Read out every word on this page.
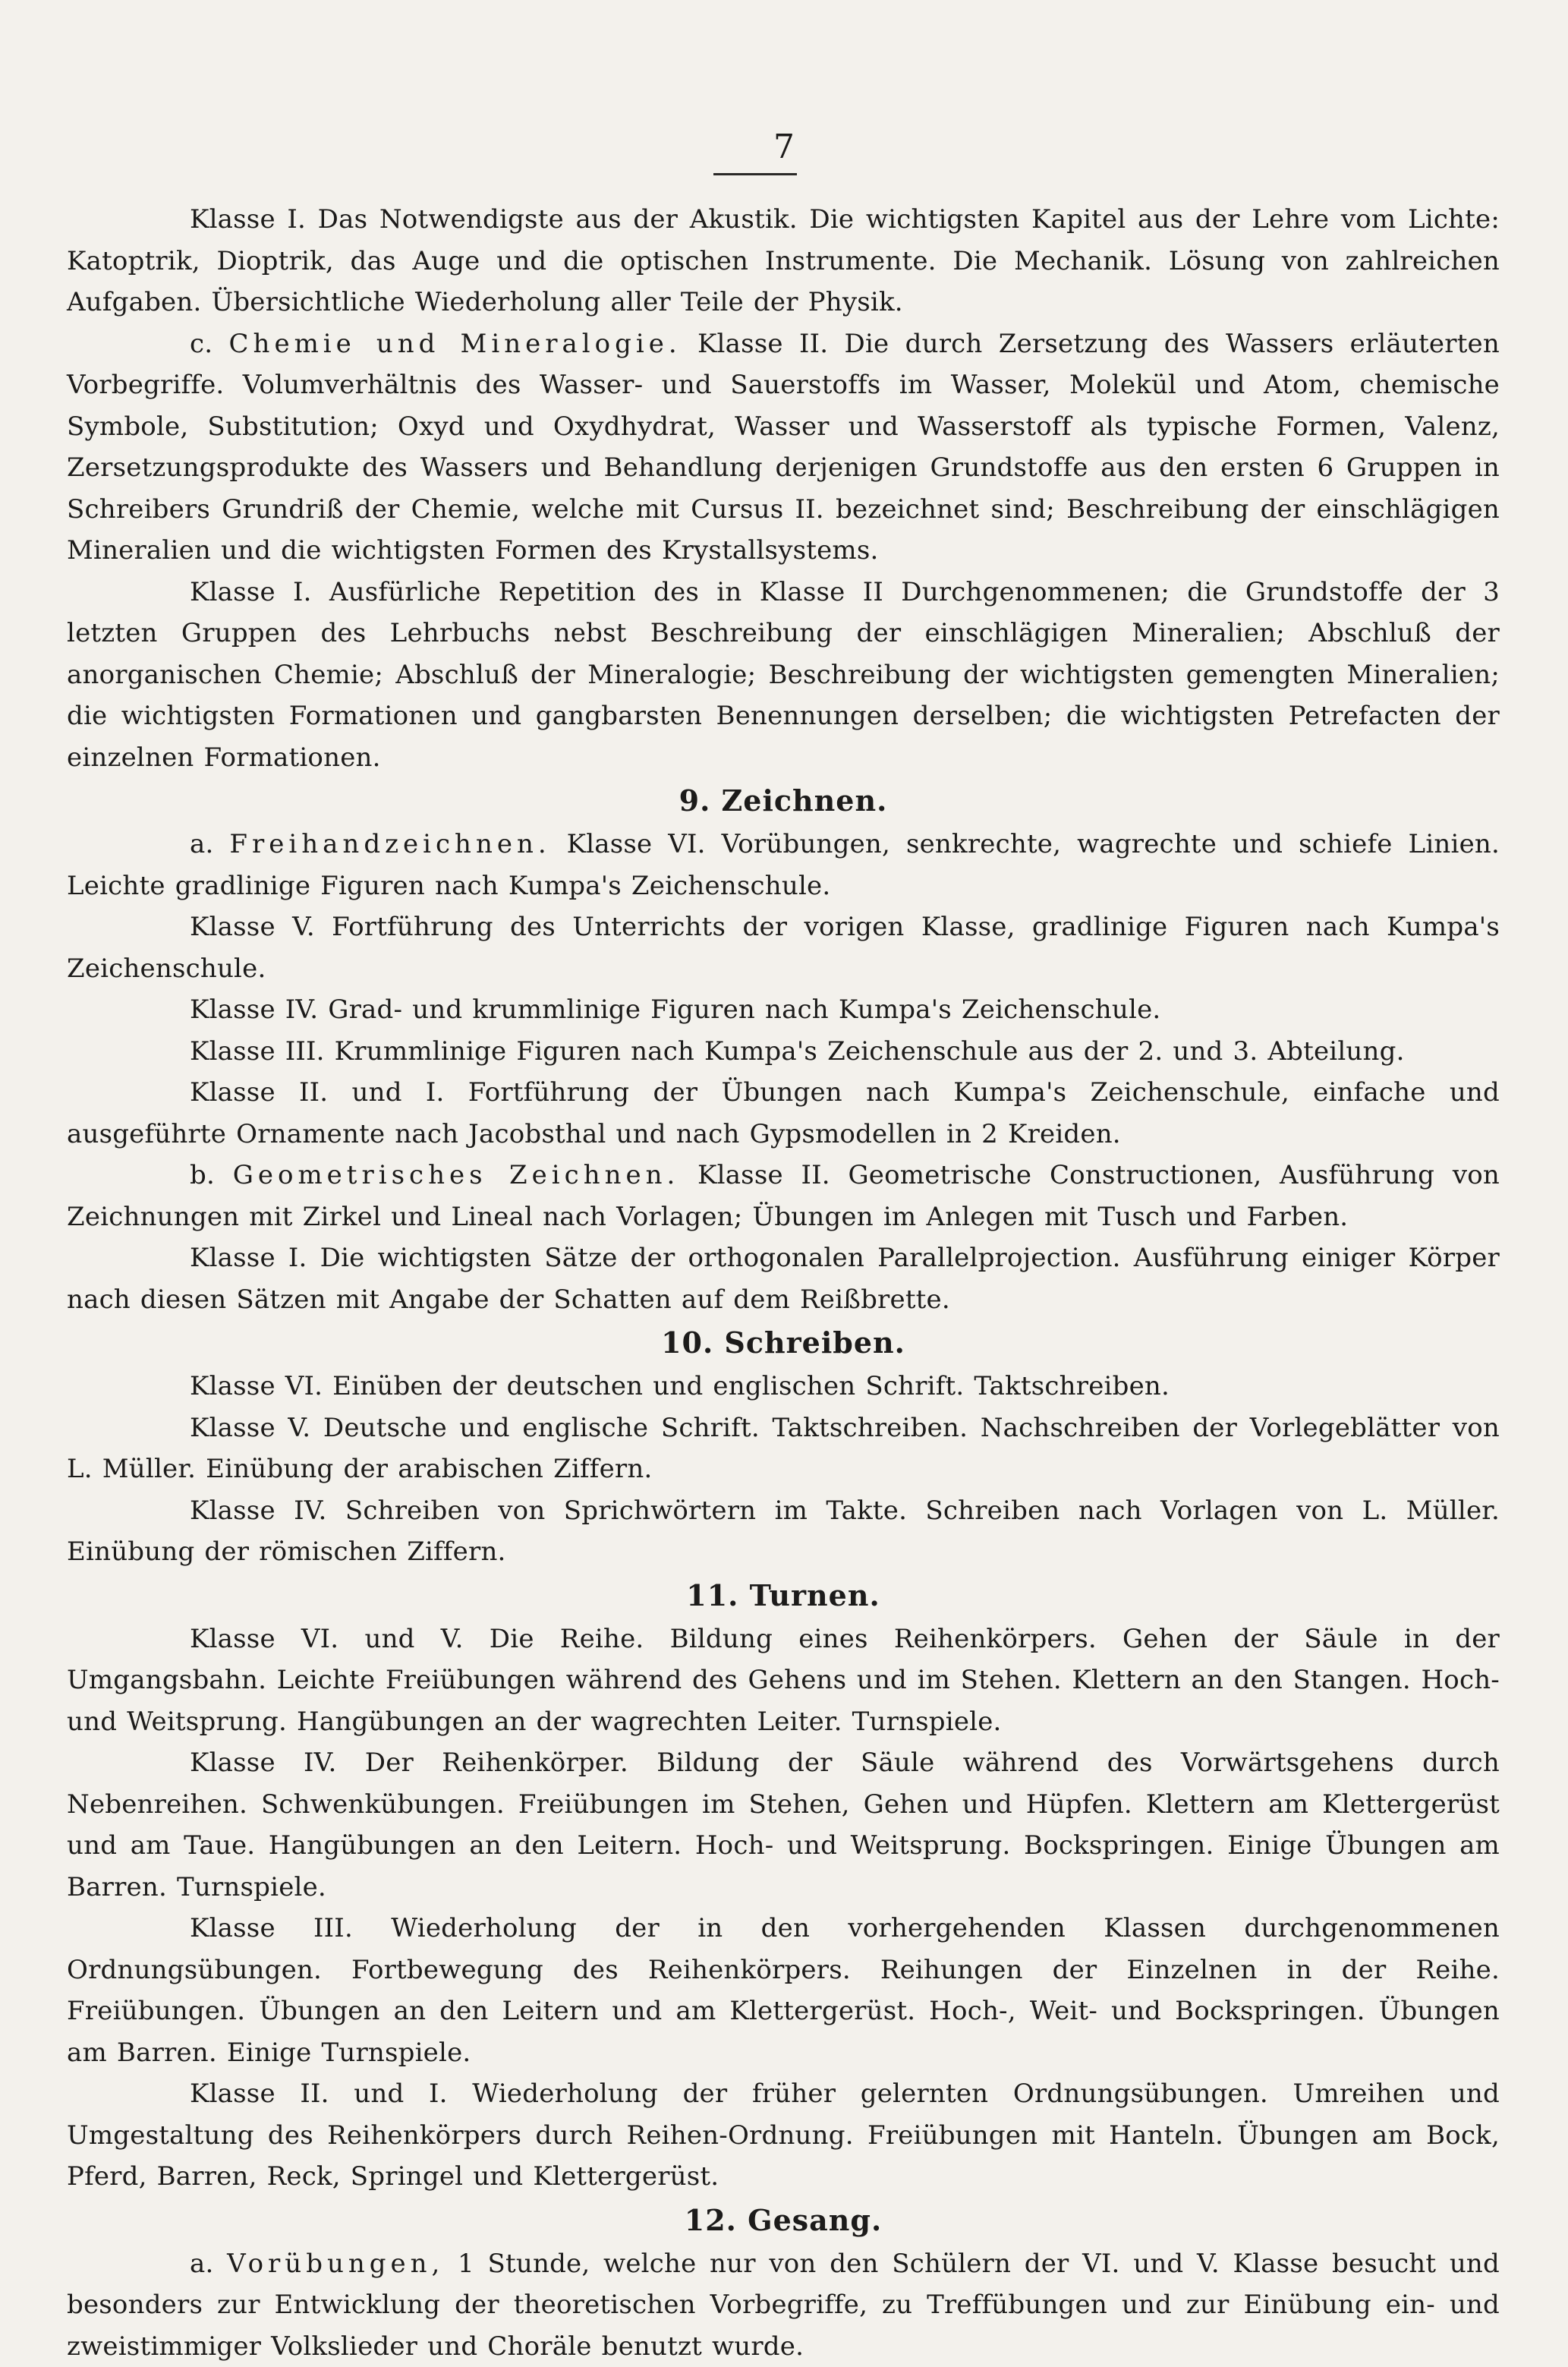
7

Klasse I. Das Notwendigste aus der Akustik. Die wichtigsten Kapitel aus der Lehre vom Lichte: Katoptrik, Dioptrik, das Auge und die optischen Instrumente. Die Mechanik. Lösung von zahlreichen Aufgaben. Übersichtliche Wiederholung aller Teile der Physik.

c. Chemie und Mineralogie. Klasse II. Die durch Zersetzung des Wassers erläuterten Vorbegriffe. Volumverhältnis des Wasser- und Sauerstoffs im Wasser, Molekül und Atom, chemische Symbole, Substitution; Oxyd und Oxydhydrat, Wasser und Wasserstoff als typische Formen, Valenz, Zersetzungsprodukte des Wassers und Behandlung derjenigen Grundstoffe aus den ersten 6 Gruppen in Schreibers Grundriß der Chemie, welche mit Cursus II. bezeichnet sind; Beschreibung der einschlägigen Mineralien und die wichtigsten Formen des Krystallsystems.

Klasse I. Ausfürliche Repetition des in Klasse II Durchgenommenen; die Grundstoffe der 3 letzten Gruppen des Lehrbuchs nebst Beschreibung der einschlägigen Mineralien; Abschluß der anorganischen Chemie; Abschluß der Mineralogie; Beschreibung der wichtigsten gemengten Mineralien; die wichtigsten Formationen und gangbarsten Benennungen derselben; die wichtigsten Petrefacten der einzelnen Formationen.

9. Zeichnen.

a. Freihandzeichnen. Klasse VI. Vorübungen, senkrechte, wagrechte und schiefe Linien. Leichte gradlinige Figuren nach Kumpa's Zeichenschule.

Klasse V. Fortführung des Unterrichts der vorigen Klasse, gradlinige Figuren nach Kumpa's Zeichenschule.

Klasse IV. Grad- und krummlinige Figuren nach Kumpa's Zeichenschule.

Klasse III. Krummlinige Figuren nach Kumpa's Zeichenschule aus der 2. und 3. Abteilung.

Klasse II. und I. Fortführung der Übungen nach Kumpa's Zeichenschule, einfache und ausgeführte Ornamente nach Jacobsthal und nach Gypsmodellen in 2 Kreiden.

b. Geometrisches Zeichnen. Klasse II. Geometrische Constructionen, Ausführung von Zeichnungen mit Zirkel und Lineal nach Vorlagen; Übungen im Anlegen mit Tusch und Farben.

Klasse I. Die wichtigsten Sätze der orthogonalen Parallelprojection. Ausführung einiger Körper nach diesen Sätzen mit Angabe der Schatten auf dem Reißbrette.

10. Schreiben.

Klasse VI. Einüben der deutschen und englischen Schrift. Taktschreiben.

Klasse V. Deutsche und englische Schrift. Taktschreiben. Nachschreiben der Vorlegeblätter von L. Müller. Einübung der arabischen Ziffern.

Klasse IV. Schreiben von Sprichwörtern im Takte. Schreiben nach Vorlagen von L. Müller. Einübung der römischen Ziffern.

11. Turnen.

Klasse VI. und V. Die Reihe. Bildung eines Reihenkörpers. Gehen der Säule in der Umgangsbahn. Leichte Freiübungen während des Gehens und im Stehen. Klettern an den Stangen. Hoch- und Weitsprung. Hangübungen an der wagrechten Leiter. Turnspiele.

Klasse IV. Der Reihenkörper. Bildung der Säule während des Vorwärtsgehens durch Nebenreihen. Schwenkübungen. Freiübungen im Stehen, Gehen und Hüpfen. Klettern am Klettergerüst und am Taue. Hangübungen an den Leitern. Hoch- und Weitsprung. Bockspringen. Einige Übungen am Barren. Turnspiele.

Klasse III. Wiederholung der in den vorhergehenden Klassen durchgenommenen Ordnungsübungen. Fortbewegung des Reihenkörpers. Reihungen der Einzelnen in der Reihe. Freiübungen. Übungen an den Leitern und am Klettergerüst. Hoch-, Weit- und Bockspringen. Übungen am Barren. Einige Turnspiele.

Klasse II. und I. Wiederholung der früher gelernten Ordnungsübungen. Umreihen und Umgestaltung des Reihenkörpers durch Reihen-Ordnung. Freiübungen mit Hanteln. Übungen am Bock, Pferd, Barren, Reck, Springel und Klettergerüst.

12. Gesang.

a. Vorübungen, 1 Stunde, welche nur von den Schülern der VI. und V. Klasse besucht und besonders zur Entwicklung der theoretischen Vorbegriffe, zu Treffübungen und zur Einübung ein- und zweistimmiger Volkslieder und Choräle benutzt wurde.
